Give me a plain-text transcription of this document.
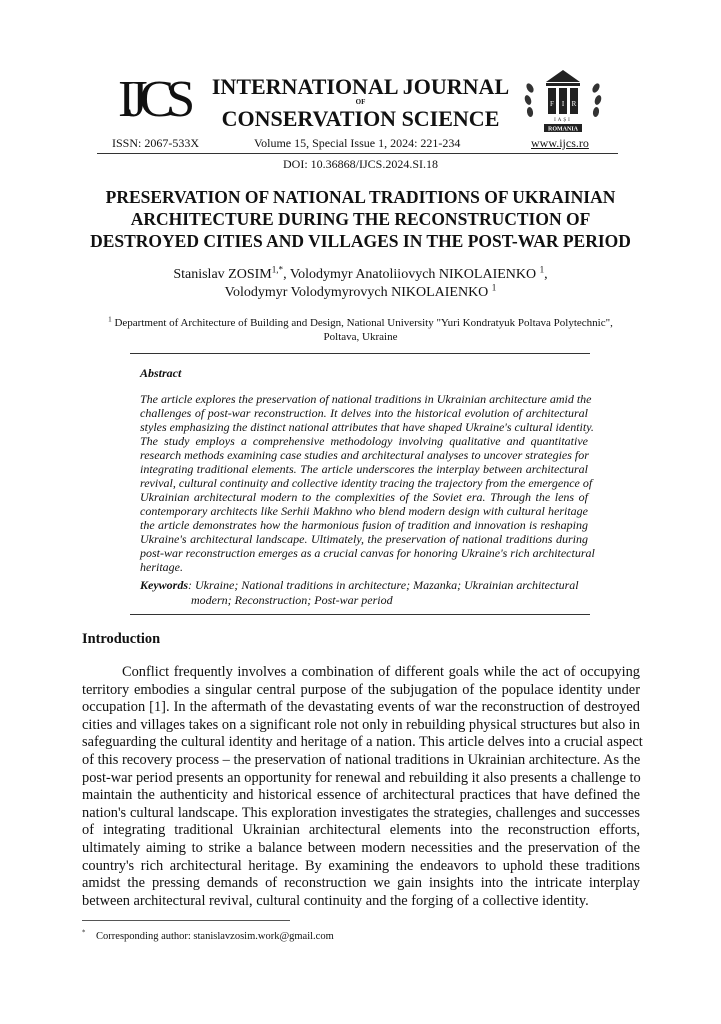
IJCS	INTERNATIONAL JOURNAL
OF
CONSERVATION SCIENCE
F I R
IAȘI
ROMANIA
ISSN: 2067-533X	Volume 15, Special Issue 1, 2024: 221-234	www.ijcs.ro
DOI: 10.36868/IJCS.2024.SI.18
PRESERVATION OF NATIONAL TRADITIONS OF UKRAINIAN
ARCHITECTURE DURING THE RECONSTRUCTION OF
DESTROYED CITIES AND VILLAGES IN THE POST-WAR PERIOD
Stanislav $ZOSIM^{1,*}$, Volodymyr Anatoliiovych NIKOLAIENKO $^1$,
Volodymyr Volodymyrovych NIKOLAIENKO $^1$
$^1$ Department of Architecture of Building and Design, National University "Yuri Kondratyuk Poltava Polytechnic",
Poltava, Ukraine
Abstract
The article explores the preservation of national traditions in Ukrainian architecture amid the
challenges of post-war reconstruction. It delves into the historical evolution of architectural
styles emphasizing the distinct national attributes that have shaped Ukraine's cultural identity.
The study employs a comprehensive methodology involving qualitative and quantitative
research methods examining case studies and architectural analyses to uncover strategies for
integrating traditional elements. The article underscores the interplay between architectural
revival, cultural continuity and collective identity tracing the trajectory from the emergence of
Ukrainian architectural modern to the complexities of the Soviet era. Through the lens of
contemporary architects like Serhii Makhno who blend modern design with cultural heritage
the article demonstrates how the harmonious fusion of tradition and innovation is reshaping
Ukraine's architectural landscape. Ultimately, the preservation of national traditions during
post-war reconstruction emerges as a crucial canvas for honoring Ukraine's rich architectural
heritage.
Keywords: Ukraine; National traditions in architecture; Mazanka; Ukrainian architectural
modern; Reconstruction; Post-war period
Introduction
Conflict frequently involves a combination of different goals while the act of occupying
territory embodies a singular central purpose of the subjugation of the populace identity under
occupation [1]. In the aftermath of the devastating events of war the reconstruction of destroyed
cities and villages takes on a significant role not only in rebuilding physical structures but also in
safeguarding the cultural identity and heritage of a nation. This article delves into a crucial aspect
of this recovery process – the preservation of national traditions in Ukrainian architecture. As the
post-war period presents an opportunity for renewal and rebuilding it also presents a challenge to
maintain the authenticity and historical essence of architectural practices that have defined the
nation's cultural landscape. This exploration investigates the strategies, challenges and successes
of integrating traditional Ukrainian architectural elements into the reconstruction efforts,
ultimately aiming to strike a balance between modern necessities and the preservation of the
country's rich architectural heritage. By examining the endeavors to uphold these traditions
amidst the pressing demands of reconstruction we gain insights into the intricate interplay
between architectural revival, cultural continuity and the forging of a collective identity.
* Corresponding author: stanislavzosim.work@gmail.com
